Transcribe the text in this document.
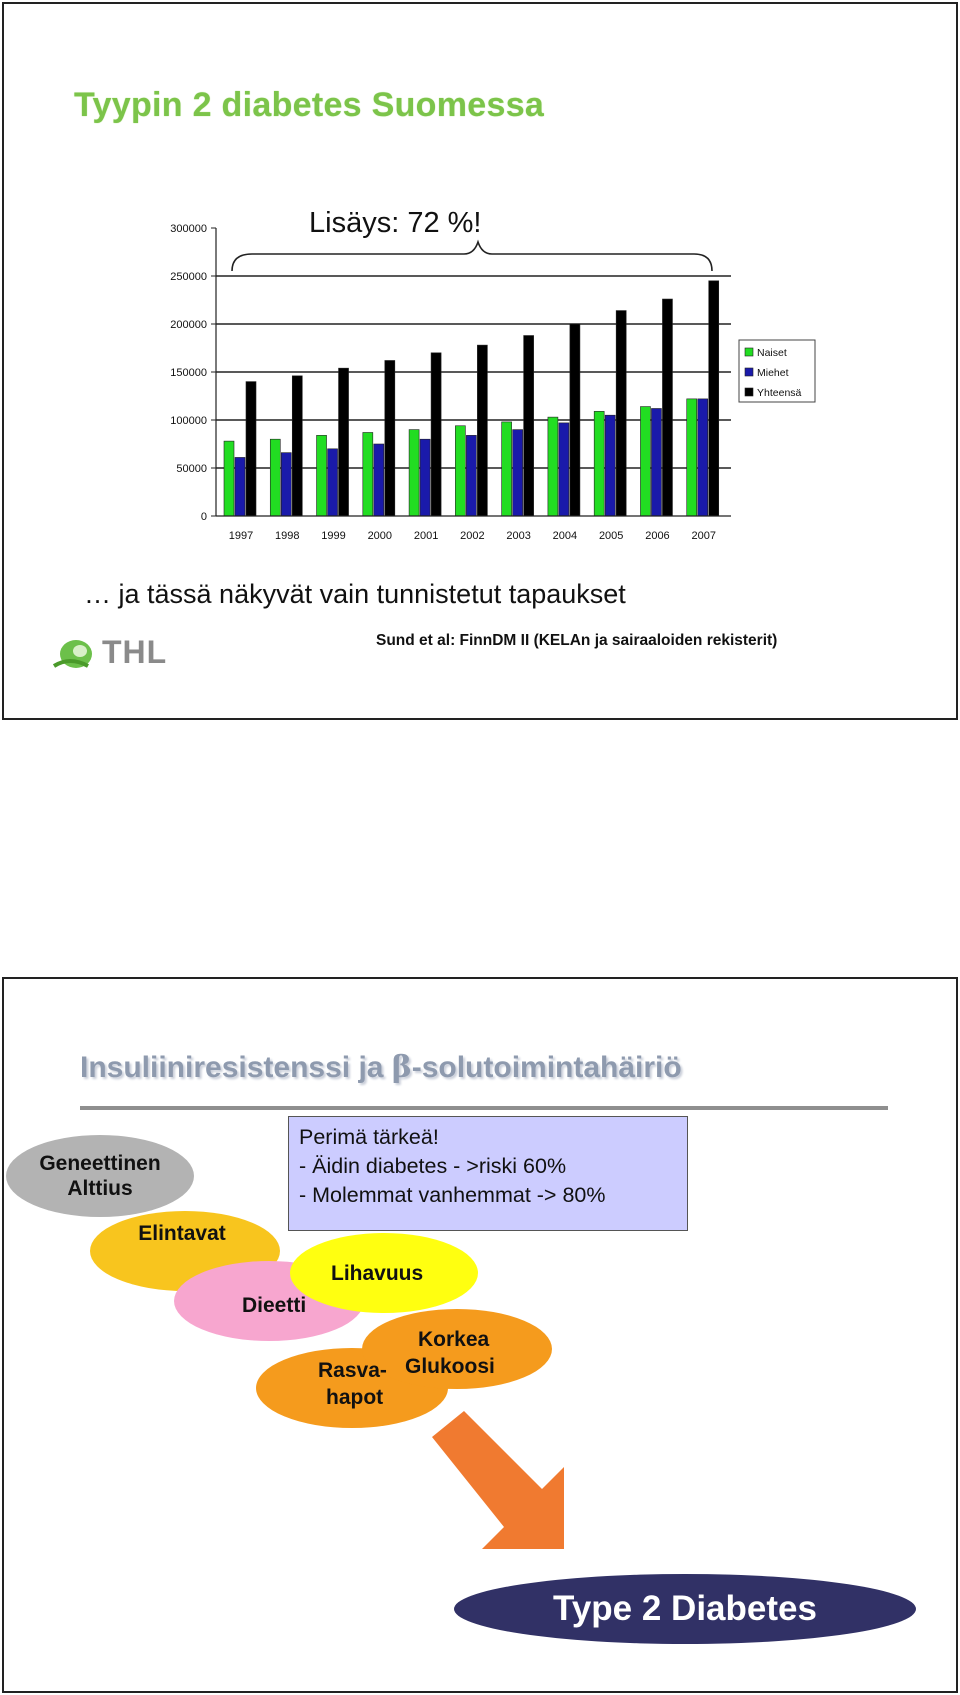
Tyypin 2 diabetes Suomessa
0
50000
100000
150000
200000
250000
300000
1997 1998 1999 2000 2001 2002 2003 2004 2005 2006 2007
Naiset
Miehet
Yhteensä
Lisäys: 72 %!
… ja tässä näkyvät vain tunnistetut tapaukset
THL	Sund et al: FinnDM II (KELAn ja sairaaloiden rekisterit)
Insuliiniresistenssi ja β-solutoimintahäiriö
Geneettinen
Alttius
Elintavat
Dieetti
Lihavuus
Korkea
Glukoosi
Rasva-
hapot
Perimä tärkeä!
- Äidin diabetes - >riski 60%
- Molemmat vanhemmat -> 80%
Type 2 Diabetes
